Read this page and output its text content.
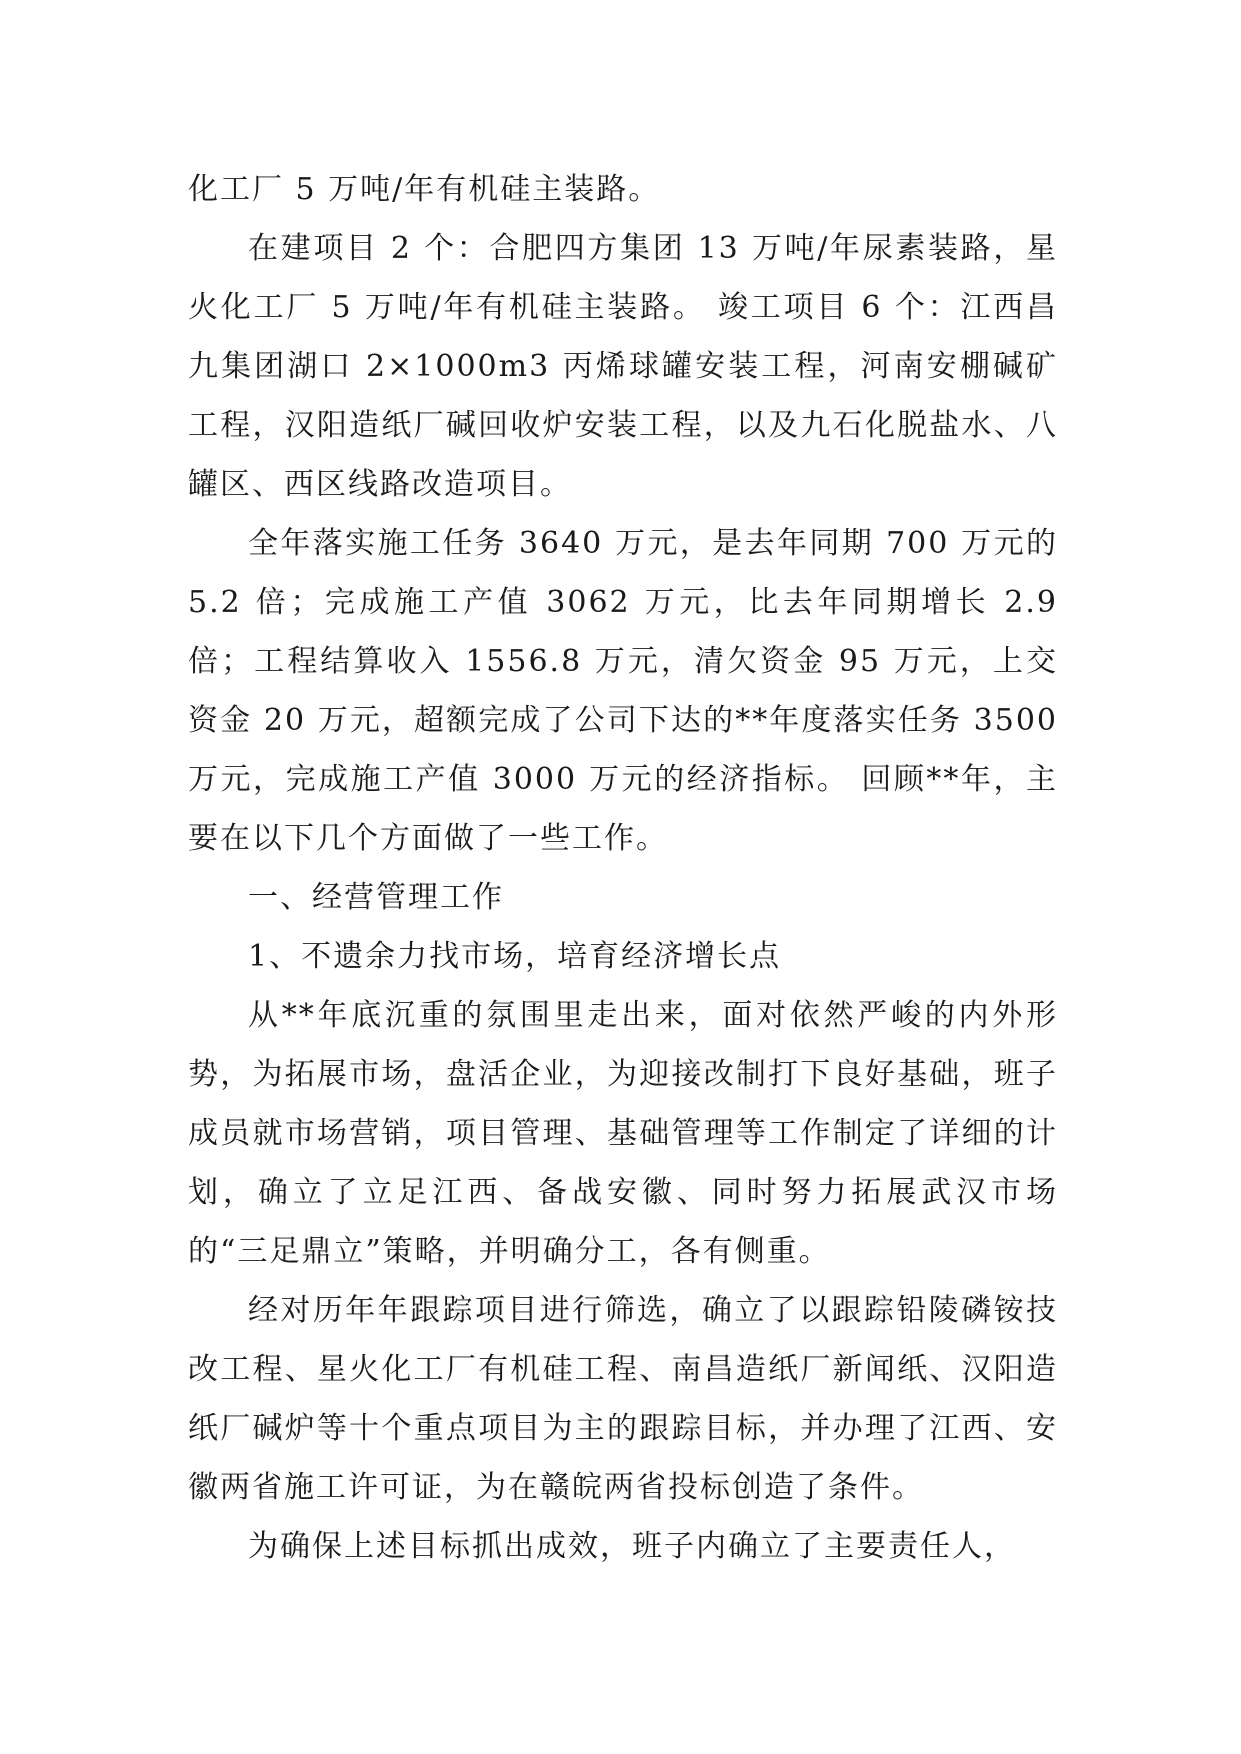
化工厂 5 万吨/年有机硅主装路。

在建项目 2 个：合肥四方集团 13 万吨/年尿素装路，星火化工厂 5 万吨/年有机硅主装路。 竣工项目 6 个：江西昌九集团湖口 2×1000m3 丙烯球罐安装工程，河南安棚碱矿工程，汉阳造纸厂碱回收炉安装工程，以及九石化脱盐水、八罐区、西区线路改造项目。

全年落实施工任务 3640 万元，是去年同期 700 万元的 5.2 倍；完成施工产值 3062 万元，比去年同期增长 2.9 倍；工程结算收入 1556.8 万元，清欠资金 95 万元，上交资金 20 万元，超额完成了公司下达的**年度落实任务 3500 万元，完成施工产值 3000 万元的经济指标。 回顾**年，主要在以下几个方面做了一些工作。

一、经营管理工作

1、不遗余力找市场，培育经济增长点

从**年底沉重的氛围里走出来，面对依然严峻的内外形势，为拓展市场，盘活企业，为迎接改制打下良好基础，班子成员就市场营销，项目管理、基础管理等工作制定了详细的计划，确立了立足江西、备战安徽、同时努力拓展武汉市场的“三足鼎立”策略，并明确分工，各有侧重。

经对历年年跟踪项目进行筛选，确立了以跟踪铅陵磷铵技改工程、星火化工厂有机硅工程、南昌造纸厂新闻纸、汉阳造纸厂碱炉等十个重点项目为主的跟踪目标，并办理了江西、安徽两省施工许可证，为在赣皖两省投标创造了条件。

为确保上述目标抓出成效，班子内确立了主要责任人，
